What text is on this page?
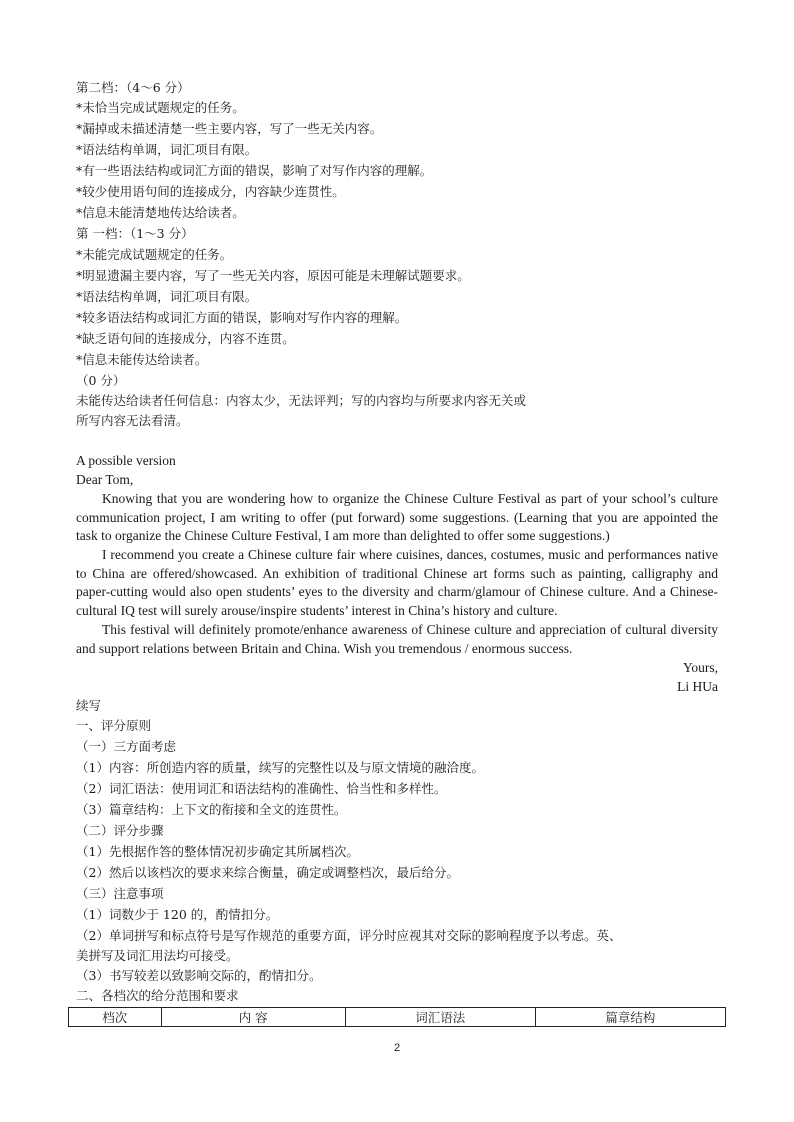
第二档：（4～6 分）
*未恰当完成试题规定的任务。
*漏掉或未描述清楚一些主要内容，写了一些无关内容。
*语法结构单调，词汇项目有限。
*有一些语法结构或词汇方面的错误，影响了对写作内容的理解。
*较少使用语句间的连接成分，内容缺少连贯性。
*信息未能清楚地传达给读者。
第 一档：（1～3 分）
*未能完成试题规定的任务。
*明显遗漏主要内容，写了一些无关内容，原因可能是未理解试题要求。
*语法结构单调，词汇项目有限。
*较多语法结构或词汇方面的错误，影响对写作内容的理解。
*缺乏语句间的连接成分，内容不连贯。
*信息未能传达给读者。
（0 分）
未能传达给读者任何信息：内容太少，无法评判；写的内容均与所要求内容无关或
所写内容无法看清。
A possible version
Dear Tom,
Knowing that you are wondering how to organize the Chinese Culture Festival as part of your school’s culture communication project, I am writing to offer (put forward) some suggestions. (Learning that you are appointed the task to organize the Chinese Culture Festival, I am more than delighted to offer some suggestions.)
I recommend you create a Chinese culture fair where cuisines, dances, costumes, music and performances native to China are offered/showcased. An exhibition of traditional Chinese art forms such as painting, calligraphy and paper-cutting would also open students’ eyes to the diversity and charm/glamour of Chinese culture. And a Chinese-cultural IQ test will surely arouse/inspire students’ interest in China’s history and culture.
This festival will definitely promote/enhance awareness of Chinese culture and appreciation of cultural diversity and support relations between Britain and China. Wish you tremendous / enormous success.
Yours,
Li HUa
续写
一、评分原则
（一）三方面考虑
（1）内容：所创造内容的质量，续写的完整性以及与原文情境的融洽度。
（2）词汇语法：使用词汇和语法结构的准确性、恰当性和多样性。
（3）篇章结构：上下文的衔接和全文的连贯性。
（二）评分步骤
（1）先根据作答的整体情况初步确定其所属档次。
（2）然后以该档次的要求来综合衡量，确定或调整档次，最后给分。
（三）注意事项
（1）词数少于 120 的，酌情扣分。
（2）单词拼写和标点符号是写作规范的重要方面，评分时应视其对交际的影响程度予以考虑。英、
美拼写及词汇用法均可接受。
（3）书写较差以致影响交际的，酌情扣分。
二、各档次的给分范围和要求
档次	内 容	词汇语法	篇章结构
2
